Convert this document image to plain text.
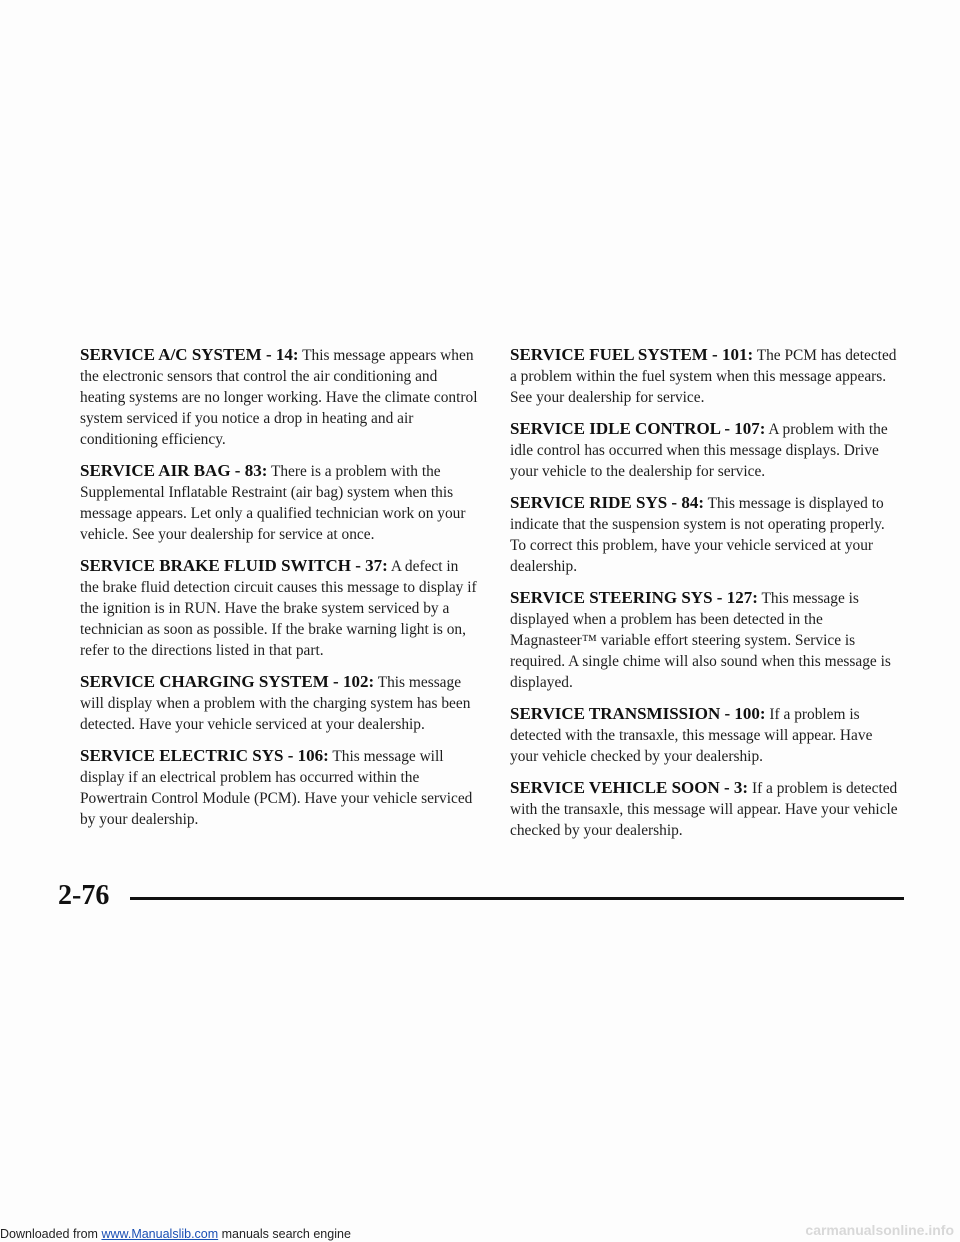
SERVICE A/C SYSTEM - 14: This message appears when the electronic sensors that control the air conditioning and heating systems are no longer working. Have the climate control system serviced if you notice a drop in heating and air conditioning efficiency.

SERVICE AIR BAG - 83: There is a problem with the Supplemental Inflatable Restraint (air bag) system when this message appears. Let only a qualified technician work on your vehicle. See your dealership for service at once.

SERVICE BRAKE FLUID SWITCH - 37: A defect in the brake fluid detection circuit causes this message to display if the ignition is in RUN. Have the brake system serviced by a technician as soon as possible. If the brake warning light is on, refer to the directions listed in that part.

SERVICE CHARGING SYSTEM - 102: This message will display when a problem with the charging system has been detected. Have your vehicle serviced at your dealership.

SERVICE ELECTRIC SYS - 106: This message will display if an electrical problem has occurred within the Powertrain Control Module (PCM). Have your vehicle serviced by your dealership.

SERVICE FUEL SYSTEM - 101: The PCM has detected a problem within the fuel system when this message appears. See your dealership for service.

SERVICE IDLE CONTROL - 107: A problem with the idle control has occurred when this message displays. Drive your vehicle to the dealership for service.

SERVICE RIDE SYS - 84: This message is displayed to indicate that the suspension system is not operating properly. To correct this problem, have your vehicle serviced at your dealership.

SERVICE STEERING SYS - 127: This message is displayed when a problem has been detected in the Magnasteer™ variable effort steering system. Service is required. A single chime will also sound when this message is displayed.

SERVICE TRANSMISSION - 100: If a problem is detected with the transaxle, this message will appear. Have your vehicle checked by your dealership.

SERVICE VEHICLE SOON - 3: If a problem is detected with the transaxle, this message will appear. Have your vehicle checked by your dealership.

2-76
Downloaded from www.Manualslib.com manuals search engine	carmanualsonline.info
